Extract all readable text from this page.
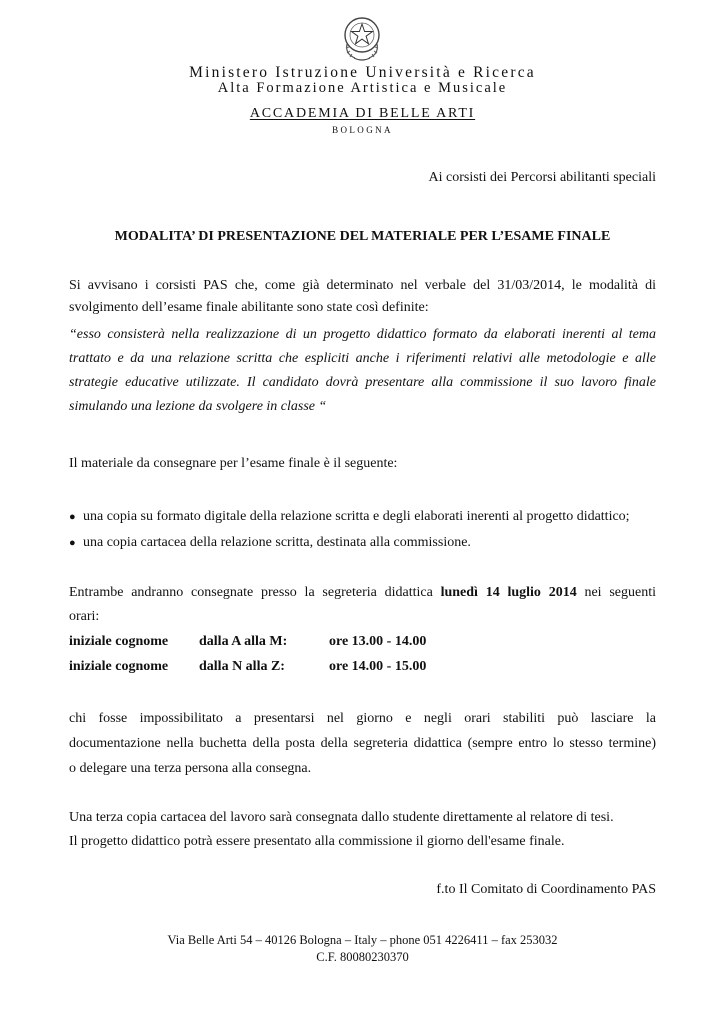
Ministero Istruzione Università e Ricerca
Alta Formazione Artistica e Musicale
ACCADEMIA DI BELLE ARTI
BOLOGNA
Ai corsisti dei Percorsi abilitanti speciali
MODALITA’ DI PRESENTAZIONE DEL MATERIALE PER L’ESAME FINALE
Si avvisano i corsisti PAS che, come già determinato nel verbale del 31/03/2014, le modalità di
svolgimento dell’esame finale abilitante sono state così definite:
“esso consisterà nella realizzazione di un progetto didattico formato da elaborati inerenti al tema
trattato e da una relazione scritta che espliciti anche i riferimenti relativi alle metodologie e alle
strategie educative utilizzate. Il candidato dovrà presentare alla commissione il suo lavoro finale
simulando una lezione da svolgere in classe “
Il materiale da consegnare per l’esame finale è il seguente:
● una copia su formato digitale della relazione scritta e degli elaborati inerenti al progetto didattico;
● una copia cartacea della relazione scritta, destinata alla commissione.
Entrambe andranno consegnate presso la segreteria didattica lunedì 14 luglio 2014 nei seguenti
orari:
iniziale cognome dalla A alla M:	ore 13.00 - 14.00
iniziale cognome dalla N alla Z:	ore 14.00 - 15.00
chi fosse impossibilitato a presentarsi nel giorno e negli orari stabiliti può lasciare la
documentazione nella buchetta della posta della segreteria didattica (sempre entro lo stesso termine)
o delegare una terza persona alla consegna.
Una terza copia cartacea del lavoro sarà consegnata dallo studente direttamente al relatore di tesi.
Il progetto didattico potrà essere presentato alla commissione il giorno dell'esame finale.
f.to Il Comitato di Coordinamento PAS
Via Belle Arti 54 – 40126 Bologna – Italy – phone 051 4226411 – fax 253032
C.F. 80080230370
